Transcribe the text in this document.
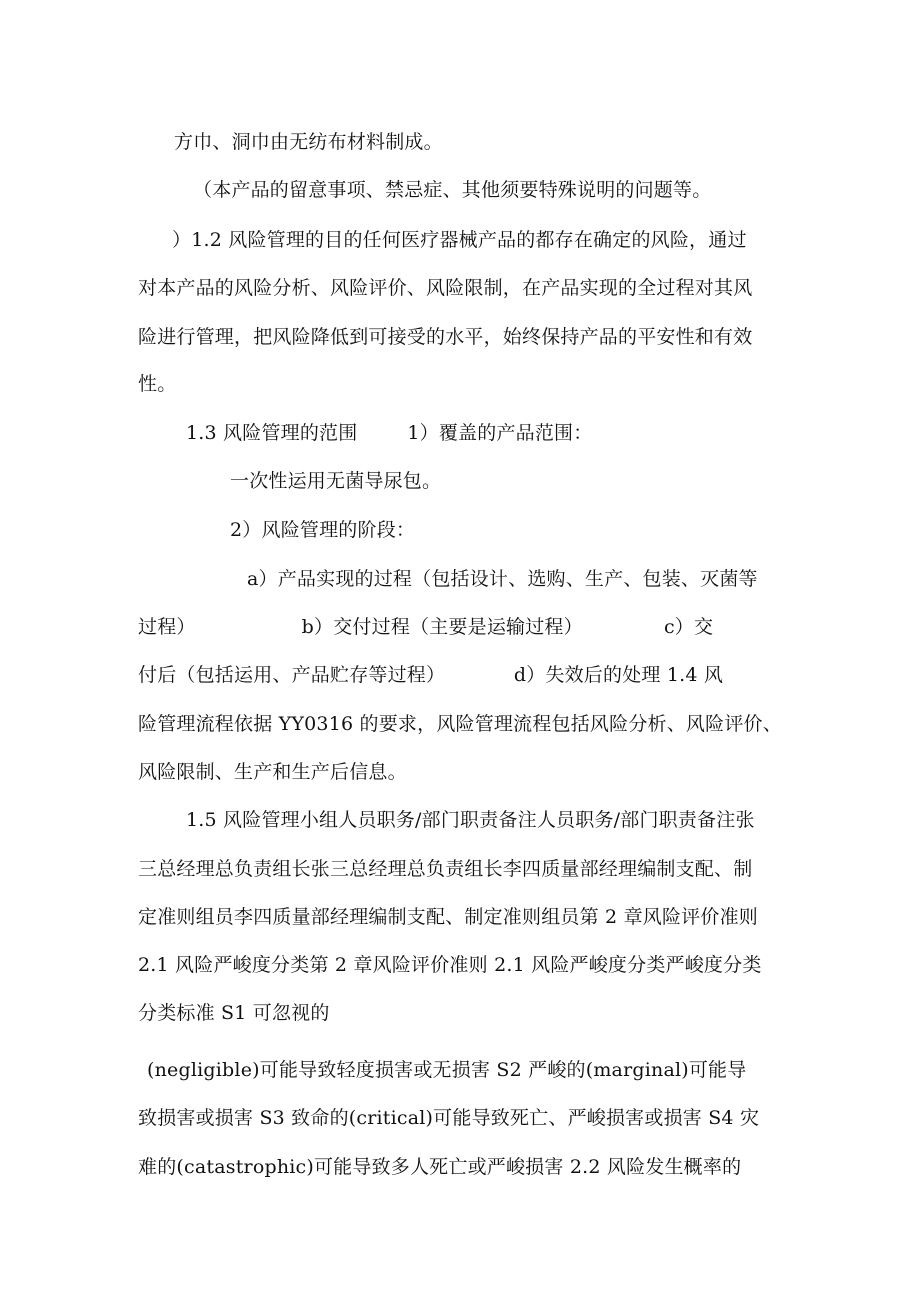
方巾、洞巾由无纺布材料制成。
（本产品的留意事项、禁忌症、其他须要特殊说明的问题等。
）1.2 风险管理的目的任何医疗器械产品的都存在确定的风险，通过
对本产品的风险分析、风险评价、风险限制，在产品实现的全过程对其风
险进行管理，把风险降低到可接受的水平，始终保持产品的平安性和有效
性。
1.3 风险管理的范围        1）覆盖的产品范围：
一次性运用无菌导尿包。
2）风险管理的阶段：
a）产品实现的过程（包括设计、选购、生产、包装、灭菌等
过程）                 b）交付过程（主要是运输过程）             c）交
付后（包括运用、产品贮存等过程）           d）失效后的处理 1.4 风
险管理流程依据 YY0316 的要求，风险管理流程包括风险分析、风险评价、
风险限制、生产和生产后信息。
1.5 风险管理小组人员职务/部门职责备注人员职务/部门职责备注张
三总经理总负责组长张三总经理总负责组长李四质量部经理编制支配、制
定准则组员李四质量部经理编制支配、制定准则组员第 2 章风险评价准则
2.1 风险严峻度分类第 2 章风险评价准则 2.1 风险严峻度分类严峻度分类
分类标准 S1 可忽视的
(negligible)可能导致轻度损害或无损害 S2 严峻的(marginal)可能导
致损害或损害 S3 致命的(critical)可能导致死亡、严峻损害或损害 S4 灾
难的(catastrophic)可能导致多人死亡或严峻损害 2.2 风险发生概率的
